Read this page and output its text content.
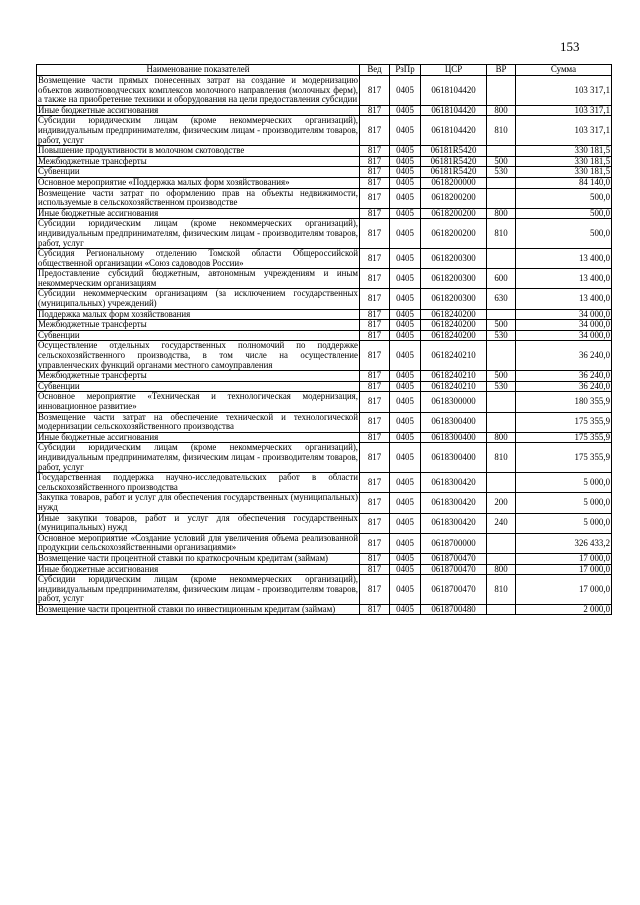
153
Наименование показателей	Вед	РзПр	ЦСР	ВР	Сумма
Возмещение части прямых понесенных затрат на создание и модернизацию объектов животноводческих комплексов молочного направления (молочных ферм), а также на приобретение техники и оборудования на цели предоставления субсидии	817	0405	0618104420		103 317,1
Иные бюджетные ассигнования	817	0405	0618104420	800	103 317,1
Субсидии юридическим лицам (кроме некоммерческих организаций), индивидуальным предпринимателям, физическим лицам - производителям товаров, работ, услуг	817	0405	0618104420	810	103 317,1
Повышение продуктивности в молочном скотоводстве	817	0405	06181R5420		330 181,5
Межбюджетные трансферты	817	0405	06181R5420	500	330 181,5
Субвенции	817	0405	06181R5420	530	330 181,5
Основное мероприятие «Поддержка малых форм хозяйствования»	817	0405	0618200000		84 140,0
Возмещение части затрат по оформлению прав на объекты недвижимости, используемые в сельскохозяйственном производстве	817	0405	0618200200		500,0
Иные бюджетные ассигнования	817	0405	0618200200	800	500,0
Субсидии юридическим лицам (кроме некоммерческих организаций), индивидуальным предпринимателям, физическим лицам - производителям товаров, работ, услуг	817	0405	0618200200	810	500,0
Субсидия Региональному отделению Томской области Общероссийской общественной организации «Союз садоводов России»	817	0405	0618200300		13 400,0
Предоставление субсидий бюджетным, автономным учреждениям и иным некоммерческим организациям	817	0405	0618200300	600	13 400,0
Субсидии некоммерческим организациям (за исключением государственных (муниципальных) учреждений)	817	0405	0618200300	630	13 400,0
Поддержка малых форм хозяйствования	817	0405	0618240200		34 000,0
Межбюджетные трансферты	817	0405	0618240200	500	34 000,0
Субвенции	817	0405	0618240200	530	34 000,0
Осуществление отдельных государственных полномочий по поддержке сельскохозяйственного производства, в том числе на осуществление управленческих функций органами местного самоуправления	817	0405	0618240210		36 240,0
Межбюджетные трансферты	817	0405	0618240210	500	36 240,0
Субвенции	817	0405	0618240210	530	36 240,0
Основное мероприятие «Техническая и технологическая модернизация, инновационное развитие»	817	0405	0618300000		180 355,9
Возмещение части затрат на обеспечение технической и технологической модернизации сельскохозяйственного производства	817	0405	0618300400		175 355,9
Иные бюджетные ассигнования	817	0405	0618300400	800	175 355,9
Субсидии юридическим лицам (кроме некоммерческих организаций), индивидуальным предпринимателям, физическим лицам - производителям товаров, работ, услуг	817	0405	0618300400	810	175 355,9
Государственная поддержка научно-исследовательских работ в области сельскохозяйственного производства	817	0405	0618300420		5 000,0
Закупка товаров, работ и услуг для обеспечения государственных (муниципальных) нужд	817	0405	0618300420	200	5 000,0
Иные закупки товаров, работ и услуг для обеспечения государственных (муниципальных) нужд	817	0405	0618300420	240	5 000,0
Основное мероприятие «Создание условий для увеличения объема реализованной продукции сельскохозяйственными организациями»	817	0405	0618700000		326 433,2
Возмещение части процентной ставки по краткосрочным кредитам (займам)	817	0405	0618700470		17 000,0
Иные бюджетные ассигнования	817	0405	0618700470	800	17 000,0
Субсидии юридическим лицам (кроме некоммерческих организаций), индивидуальным предпринимателям, физическим лицам - производителям товаров, работ, услуг	817	0405	0618700470	810	17 000,0
Возмещение части процентной ставки по инвестиционным кредитам (займам)	817	0405	0618700480		2 000,0
